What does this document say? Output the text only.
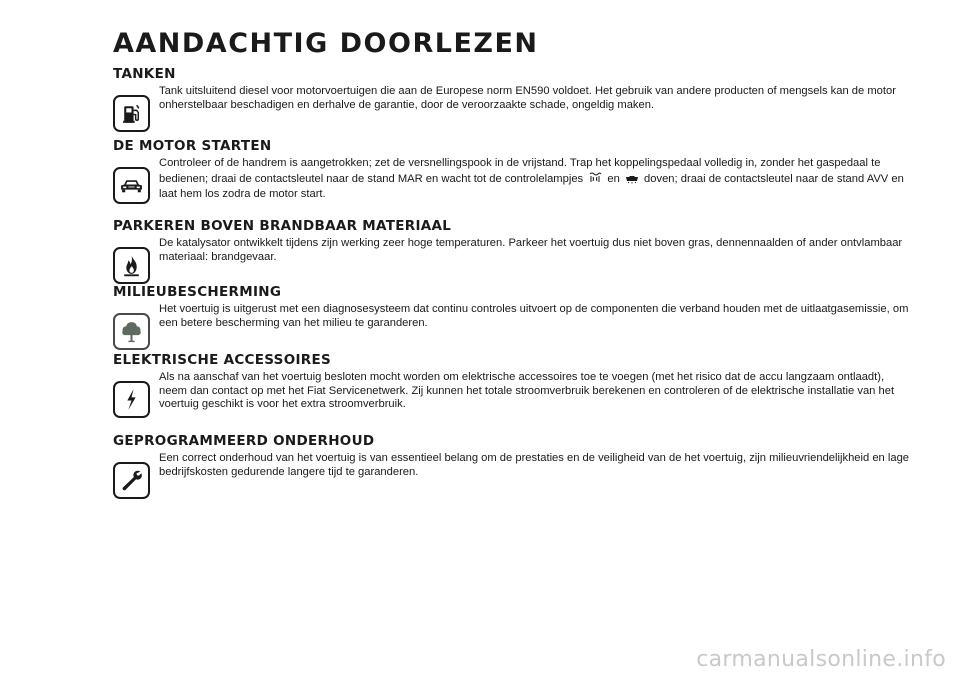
AANDACHTIG DOORLEZEN
TANKEN
Tank uitsluitend diesel voor motorvoertuigen die aan de Europese norm EN590 voldoet. Het gebruik van andere producten of mengsels kan de motor onherstelbaar beschadigen en derhalve de garantie, door de veroorzaakte schade, ongeldig maken.
DE MOTOR STARTEN
Controleer of de handrem is aangetrokken; zet de versnellingspook in de vrijstand. Trap het koppelingspedaal volledig in, zonder het gaspedaal te bedienen; draai de contactsleutel naar de stand MAR en wacht tot de controlelampjes en doven; draai de contactsleutel naar de stand AVV en laat hem los zodra de motor start.
PARKEREN BOVEN BRANDBAAR MATERIAAL
De katalysator ontwikkelt tijdens zijn werking zeer hoge temperaturen. Parkeer het voertuig dus niet boven gras, dennennaalden of ander ontvlambaar materiaal: brandgevaar.
MILIEUBESCHERMING
Het voertuig is uitgerust met een diagnosesysteem dat continu controles uitvoert op de componenten die verband houden met de uitlaatgasemissie, om een betere bescherming van het milieu te garanderen.
ELEKTRISCHE ACCESSOIRES
Als na aanschaf van het voertuig besloten mocht worden om elektrische accessoires toe te voegen (met het risico dat de accu langzaam ontlaadt), neem dan contact op met het Fiat Servicenetwerk. Zij kunnen het totale stroomverbruik berekenen en controleren of de elektrische installatie van het voertuig geschikt is voor het extra stroomverbruik.
GEPROGRAMMEERD ONDERHOUD
Een correct onderhoud van het voertuig is van essentieel belang om de prestaties en de veiligheid van de het voertuig, zijn milieuvriendelijkheid en lage bedrijfskosten gedurende langere tijd te garanderen.
carmanualsonline.info
